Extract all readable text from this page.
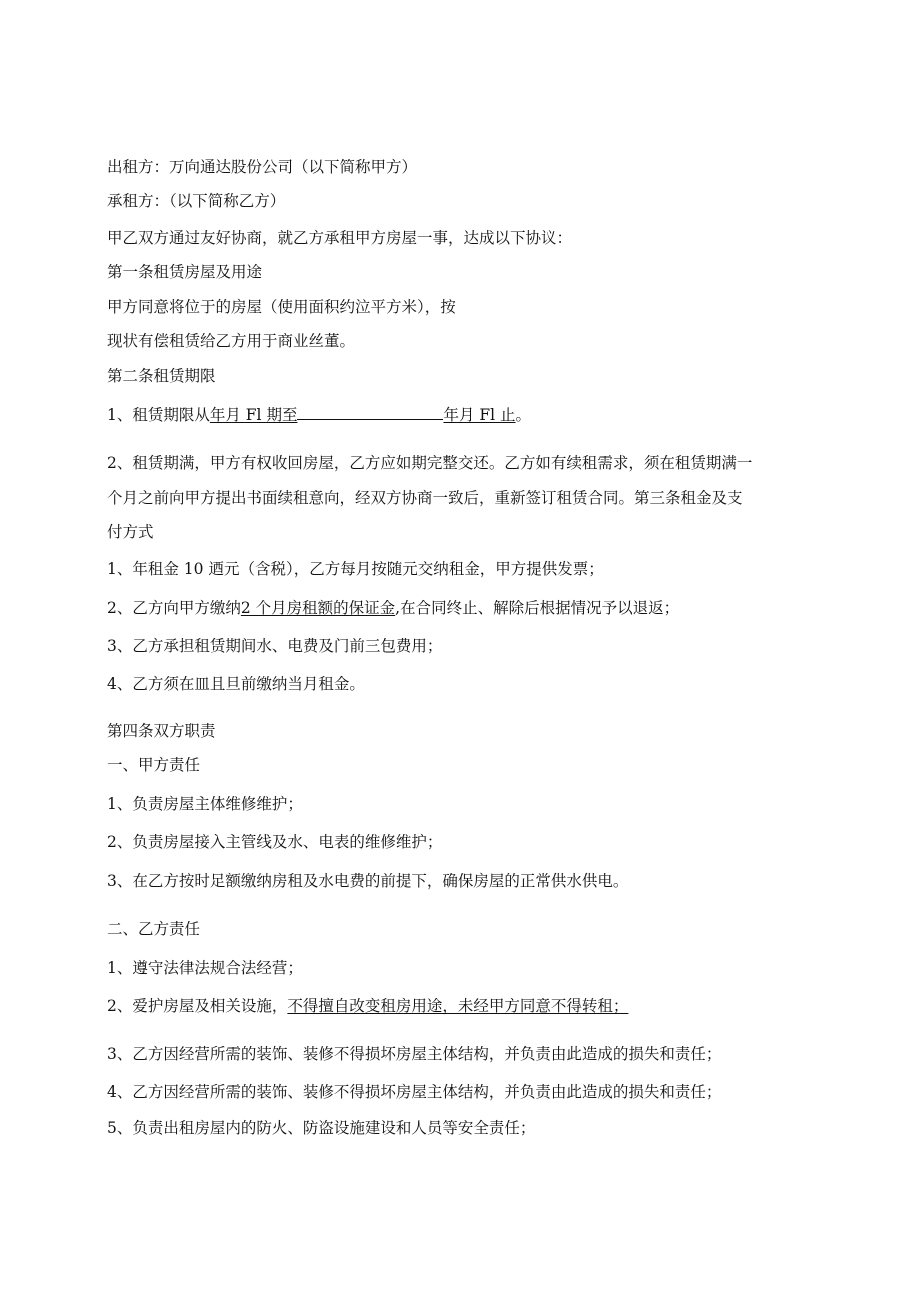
出租方：万向通达股份公司（以下简称甲方）

承租方：（以下简称乙方）

甲乙双方通过友好协商，就乙方承租甲方房屋一事，达成以下协议：

第一条租赁房屋及用途

甲方同意将位于的房屋（使用面积约泣平方米），按

现状有偿租赁给乙方用于商业丝董。

第二条租赁期限

1、租赁期限从年月 Fl 期至	年月 Fl 止。

2、租赁期满，甲方有权收回房屋，乙方应如期完整交还。乙方如有续租需求，须在租赁期满一

个月之前向甲方提出书面续租意向，经双方协商一致后，重新签订租赁合同。第三条租金及支

付方式

1、年租金 10 迺元（含税），乙方每月按随元交纳租金，甲方提供发票；

2、乙方向甲方缴纳2 个月房租额的保证金,在合同终止、解除后根据情况予以退返；

3、乙方承担租赁期间水、电费及门前三包费用；

4、乙方须在皿且旦前缴纳当月租金。

第四条双方职责

一、甲方责任

1、负责房屋主体维修维护；

2、负责房屋接入主管线及水、电表的维修维护；

3、在乙方按时足额缴纳房租及水电费的前提下，确保房屋的正常供水供电。

二、乙方责任

1、遵守法律法规合法经营；

2、爱护房屋及相关设施，不得擅自改变租房用途，未经甲方同意不得转租；

3、乙方因经营所需的装饰、装修不得损坏房屋主体结构，并负责由此造成的损失和责任；

4、乙方因经营所需的装饰、装修不得损坏房屋主体结构，并负责由此造成的损失和责任；

5、负责出租房屋内的防火、防盗设施建设和人员等安全责任；
